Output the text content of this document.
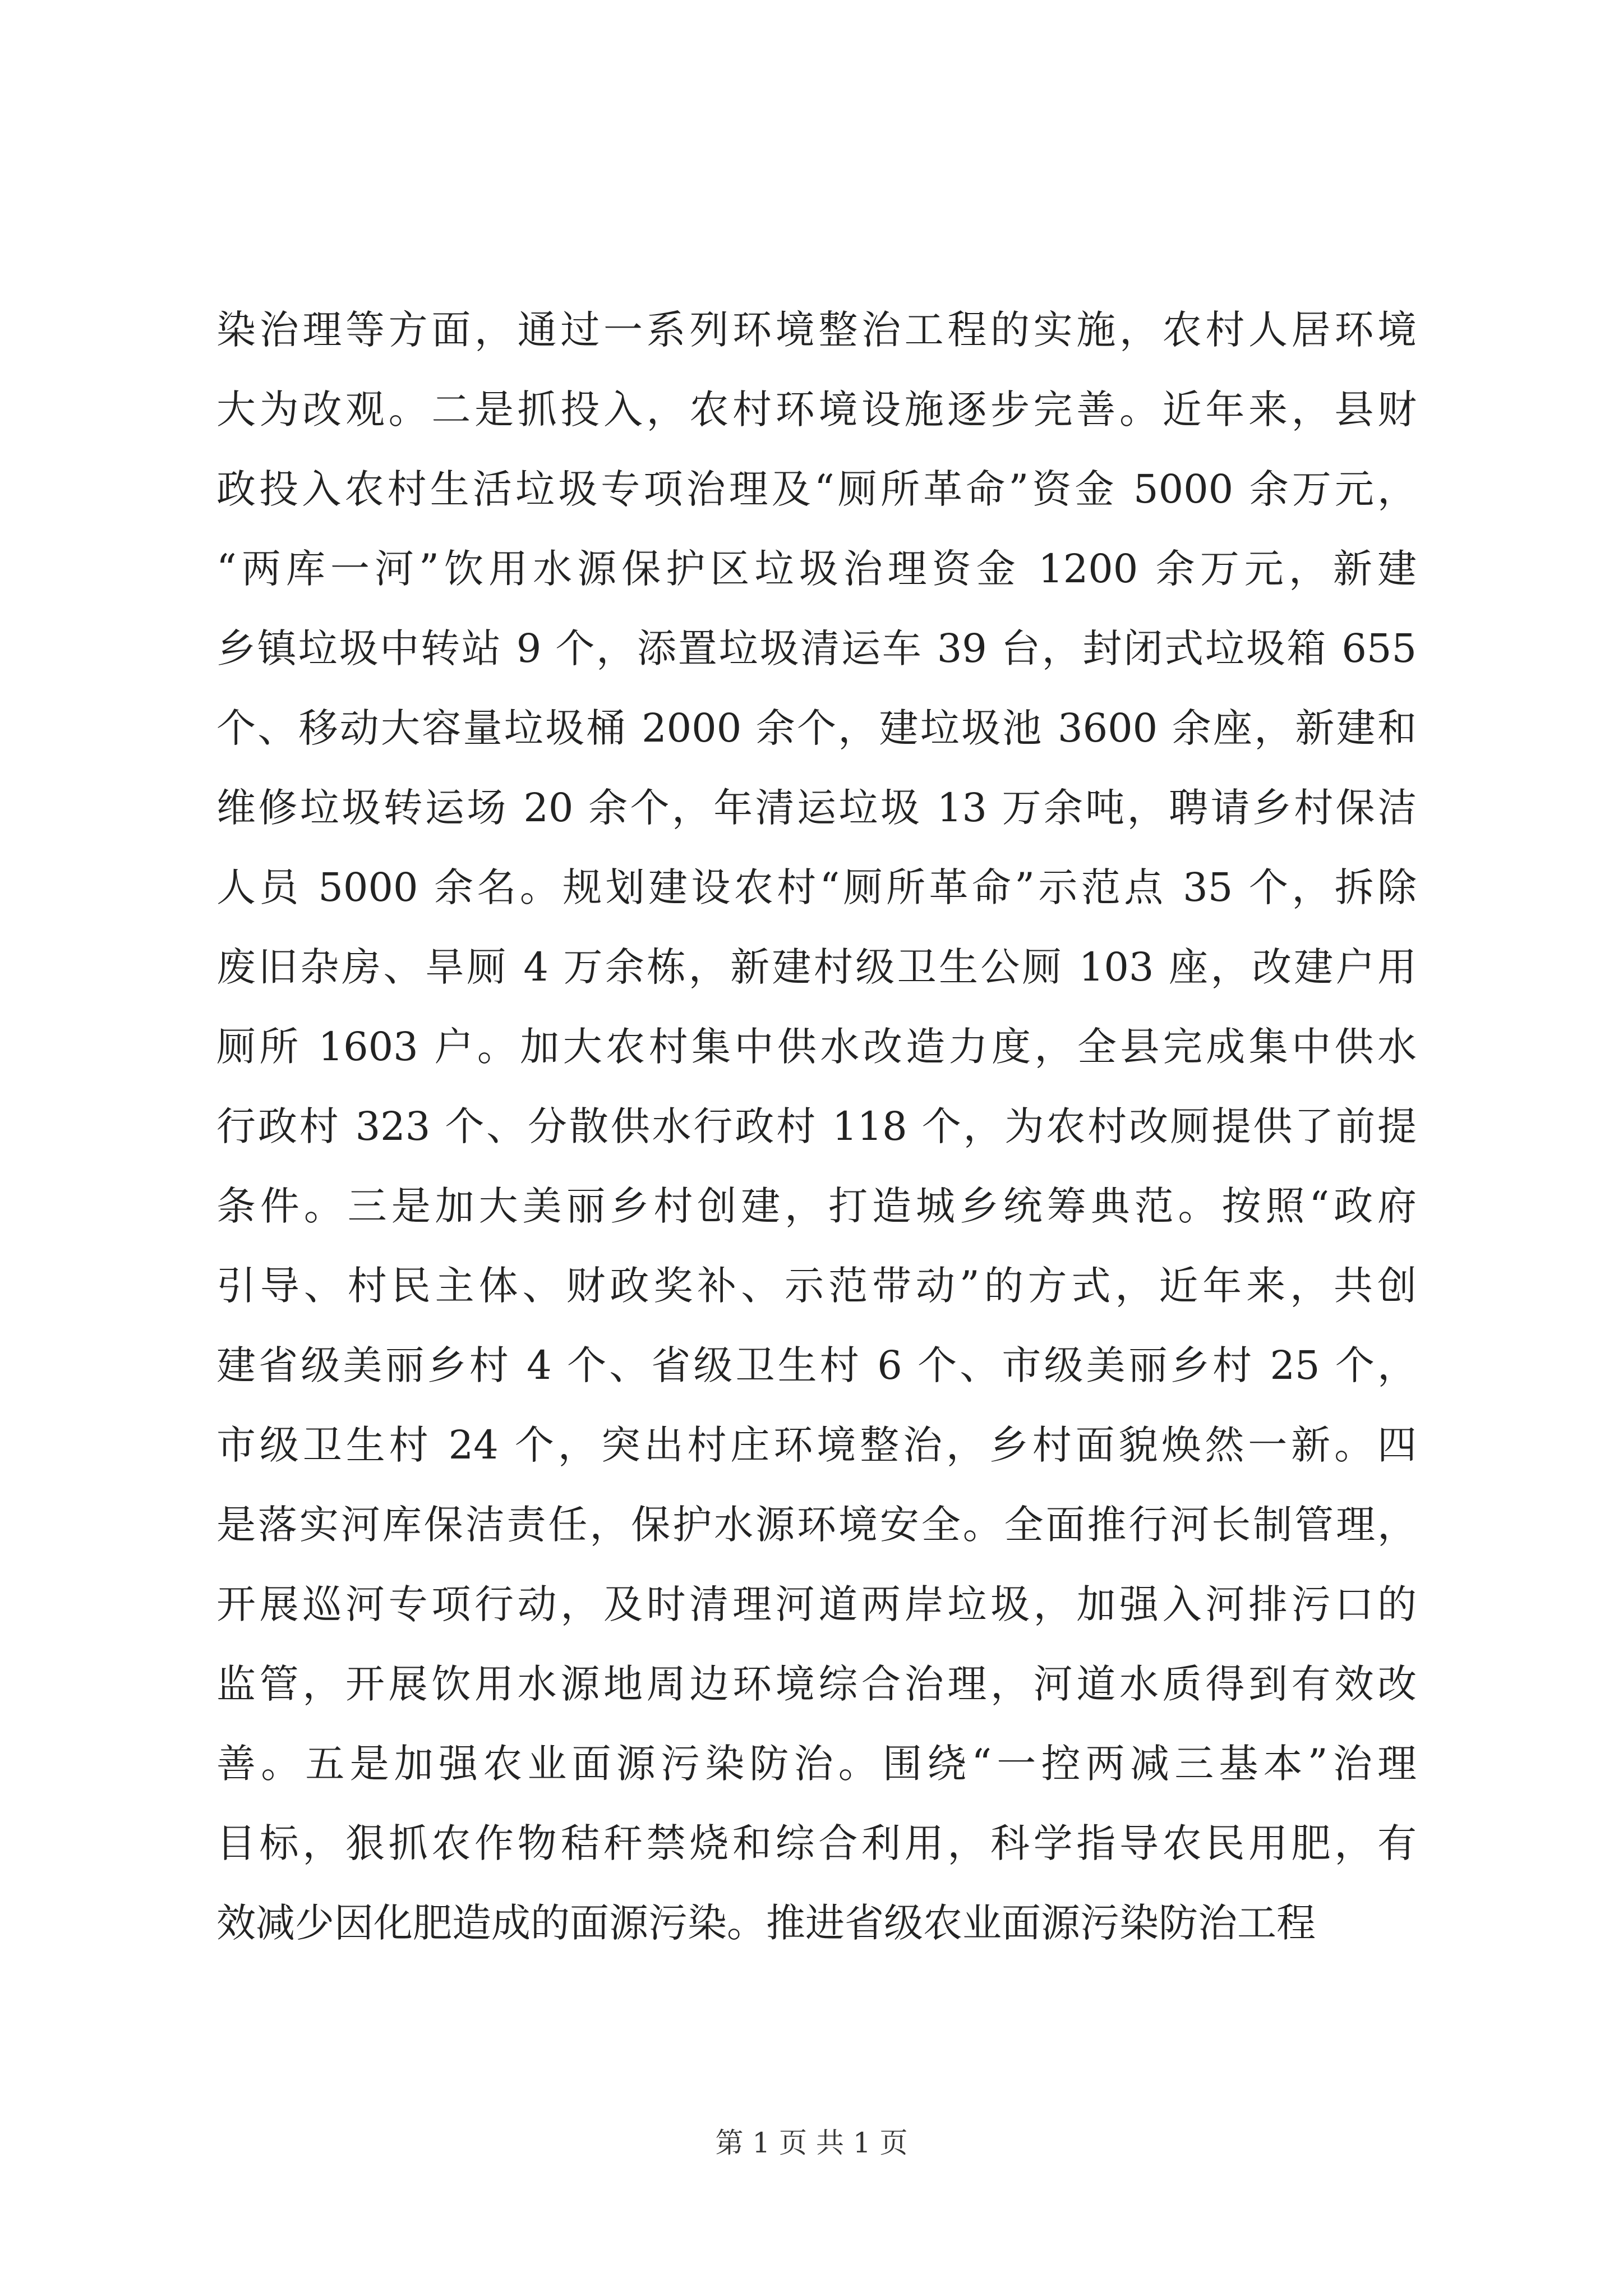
染治理等方面，通过一系列环境整治工程的实施，农村人居环境
大为改观。二是抓投入，农村环境设施逐步完善。近年来，县财
政投入农村生活垃圾专项治理及“厕所革命”资金 5000 余万元，
“两库一河”饮用水源保护区垃圾治理资金 1200 余万元，新建
乡镇垃圾中转站 9 个，添置垃圾清运车 39 台，封闭式垃圾箱 655
个、移动大容量垃圾桶 2000 余个，建垃圾池 3600 余座，新建和
维修垃圾转运场 20 余个，年清运垃圾 13 万余吨，聘请乡村保洁
人员 5000 余名。规划建设农村“厕所革命”示范点 35 个，拆除
废旧杂房、旱厕 4 万余栋，新建村级卫生公厕 103 座，改建户用
厕所 1603 户。加大农村集中供水改造力度，全县完成集中供水
行政村 323 个、分散供水行政村 118 个，为农村改厕提供了前提
条件。三是加大美丽乡村创建，打造城乡统筹典范。按照“政府
引导、村民主体、财政奖补、示范带动”的方式，近年来，共创
建省级美丽乡村 4 个、省级卫生村 6 个、市级美丽乡村 25 个，
市级卫生村 24 个，突出村庄环境整治，乡村面貌焕然一新。四
是落实河库保洁责任，保护水源环境安全。全面推行河长制管理，
开展巡河专项行动，及时清理河道两岸垃圾，加强入河排污口的
监管，开展饮用水源地周边环境综合治理，河道水质得到有效改
善。五是加强农业面源污染防治。围绕“一控两减三基本”治理
目标，狠抓农作物秸秆禁烧和综合利用，科学指导农民用肥，有
效减少因化肥造成的面源污染。推进省级农业面源污染防治工程
第 1 页 共 1 页
